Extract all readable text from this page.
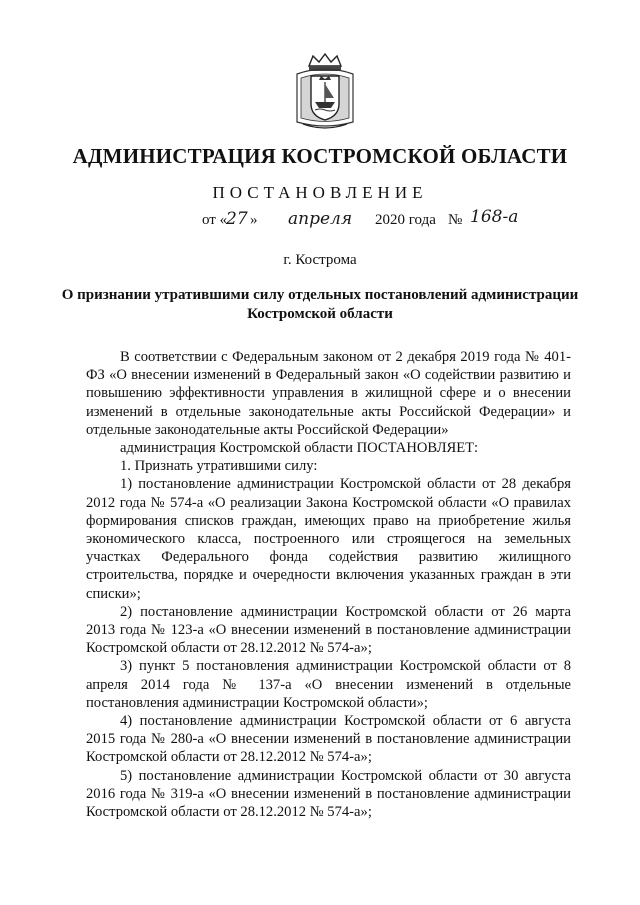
АДМИНИСТРАЦИЯ КОСТРОМСКОЙ ОБЛАСТИ
ПОСТАНОВЛЕНИЕ
от «
27 » апреля 2020 года № 168-а
г. Кострома
О признании утратившими силу отдельных постановлений администрации Костромской области

В соответствии с Федеральным законом от 2 декабря 2019 года № 401-ФЗ «О внесении изменений в Федеральный закон «О содействии развитию и повышению эффективности управления в жилищной сфере и о внесении изменений в отдельные законодательные акты Российской Федерации» и отдельные законодательные акты Российской Федерации»

администрация Костромской области ПОСТАНОВЛЯЕТ:

1. Признать утратившими силу:

1) постановление администрации Костромской области от 28 декабря 2012 года № 574-а «О реализации Закона Костромской области «О правилах формирования списков граждан, имеющих право на приобретение жилья экономического класса, построенного или строящегося на земельных участках Федерального фонда содействия развитию жилищного строительства, порядке и очередности включения указанных граждан в эти списки»;

2) постановление администрации Костромской области от 26 марта 2013 года № 123-а «О внесении изменений в постановление администрации Костромской области от 28.12.2012 № 574-а»;

3) пункт 5 постановления администрации Костромской области от 8 апреля 2014 года № 137-а «О внесении изменений в отдельные постановления администрации Костромской области»;

4) постановление администрации Костромской области от 6 августа 2015 года № 280-а «О внесении изменений в постановление администрации Костромской области от 28.12.2012 № 574-а»;

5) постановление администрации Костромской области от 30 августа 2016 года № 319-а «О внесении изменений в постановление администрации Костромской области от 28.12.2012 № 574-а»;
